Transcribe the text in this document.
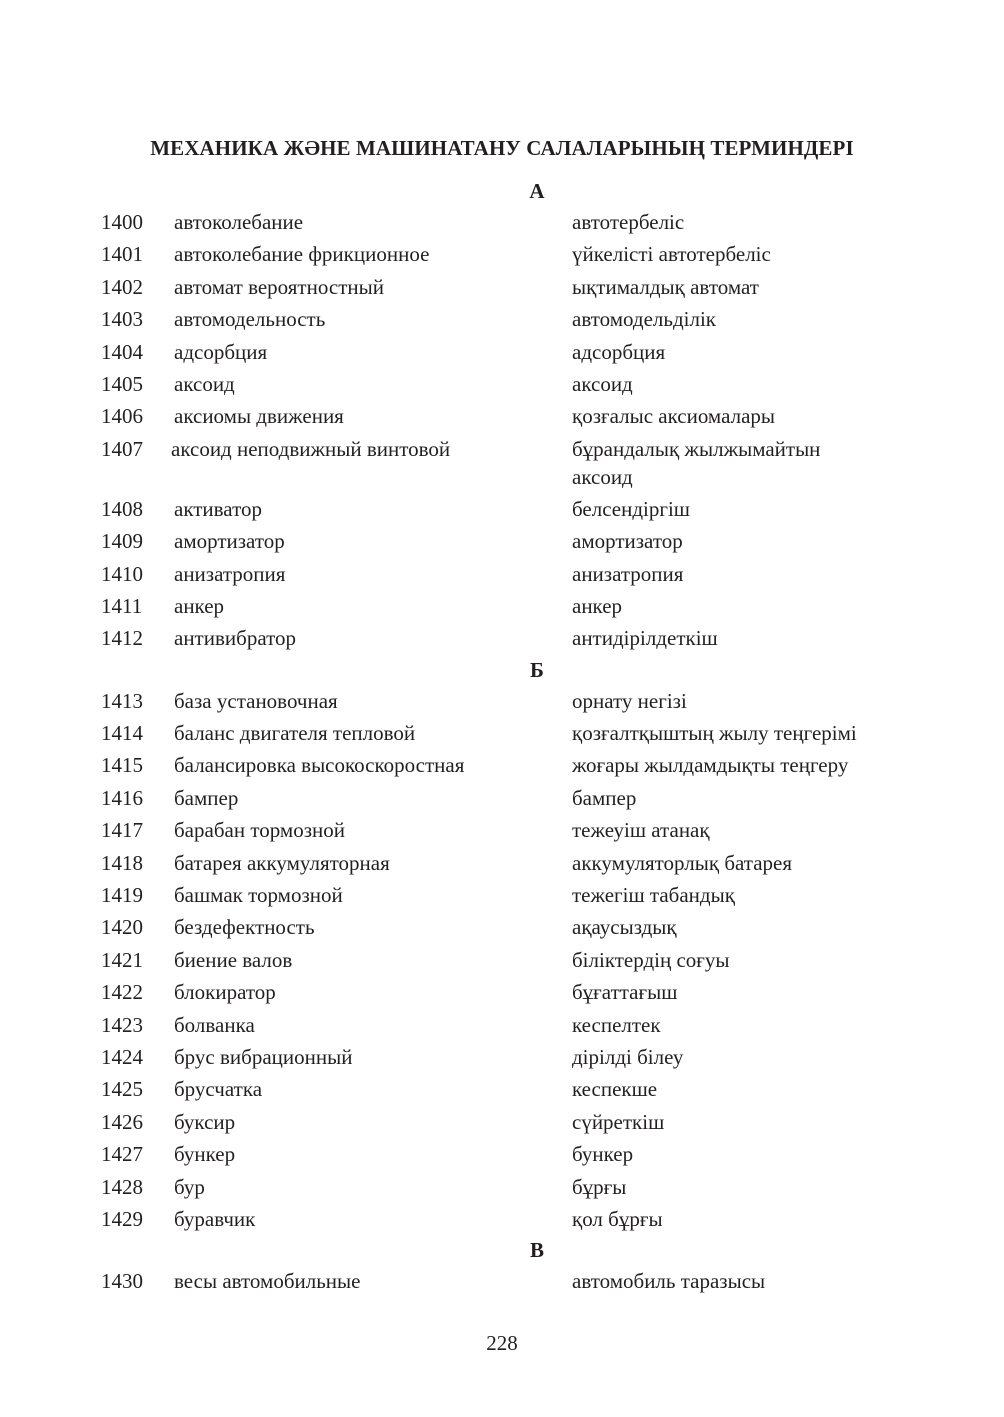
МЕХАНИКА ЖӘНЕ МАШИНАТАНУ САЛАЛАРЫНЫҢ ТЕРМИНДЕРІ
А
1400 автоколебание	автотербеліс
1401 автоколебание фрикционное	үйкелісті автотербеліс
1402 автомат вероятностный	ықтималдық автомат
1403 автомодельность	автомодельділік
1404 адсорбция	адсорбция
1405 аксоид	аксоид
1406 аксиомы движения	қозғалыс аксиомалары
1407 аксоид неподвижный винтовой	бұрандалық жылжымайтын аксоид
1408 активатор	белсендіргіш
1409 амортизатор	амортизатор
1410 анизатропия	анизатропия
1411 анкер	анкер
1412 антивибратор	антидірілдеткіш
Б
1413 база установочная	орнату негізі
1414 баланс двигателя тепловой	қозғалтқыштың жылу теңгерімі
1415 балансировка высокоскоростная	жоғары жылдамдықты теңгеру
1416 бампер	бампер
1417 барабан тормозной	тежеуіш атанақ
1418 батарея аккумуляторная	аккумуляторлық батарея
1419 башмак тормозной	тежегіш табандық
1420 бездефектность	ақаусыздық
1421 биение валов	біліктердің соғуы
1422 блокиратор	бұғаттағыш
1423 болванка	кеспелтек
1424 брус вибрационный	дірілді білеу
1425 брусчатка	кеспекше
1426 буксир	сүйреткіш
1427 бункер	бункер
1428 бур	бұрғы
1429 буравчик	қол бұрғы
В
1430 весы автомобильные	автомобиль таразысы
228
